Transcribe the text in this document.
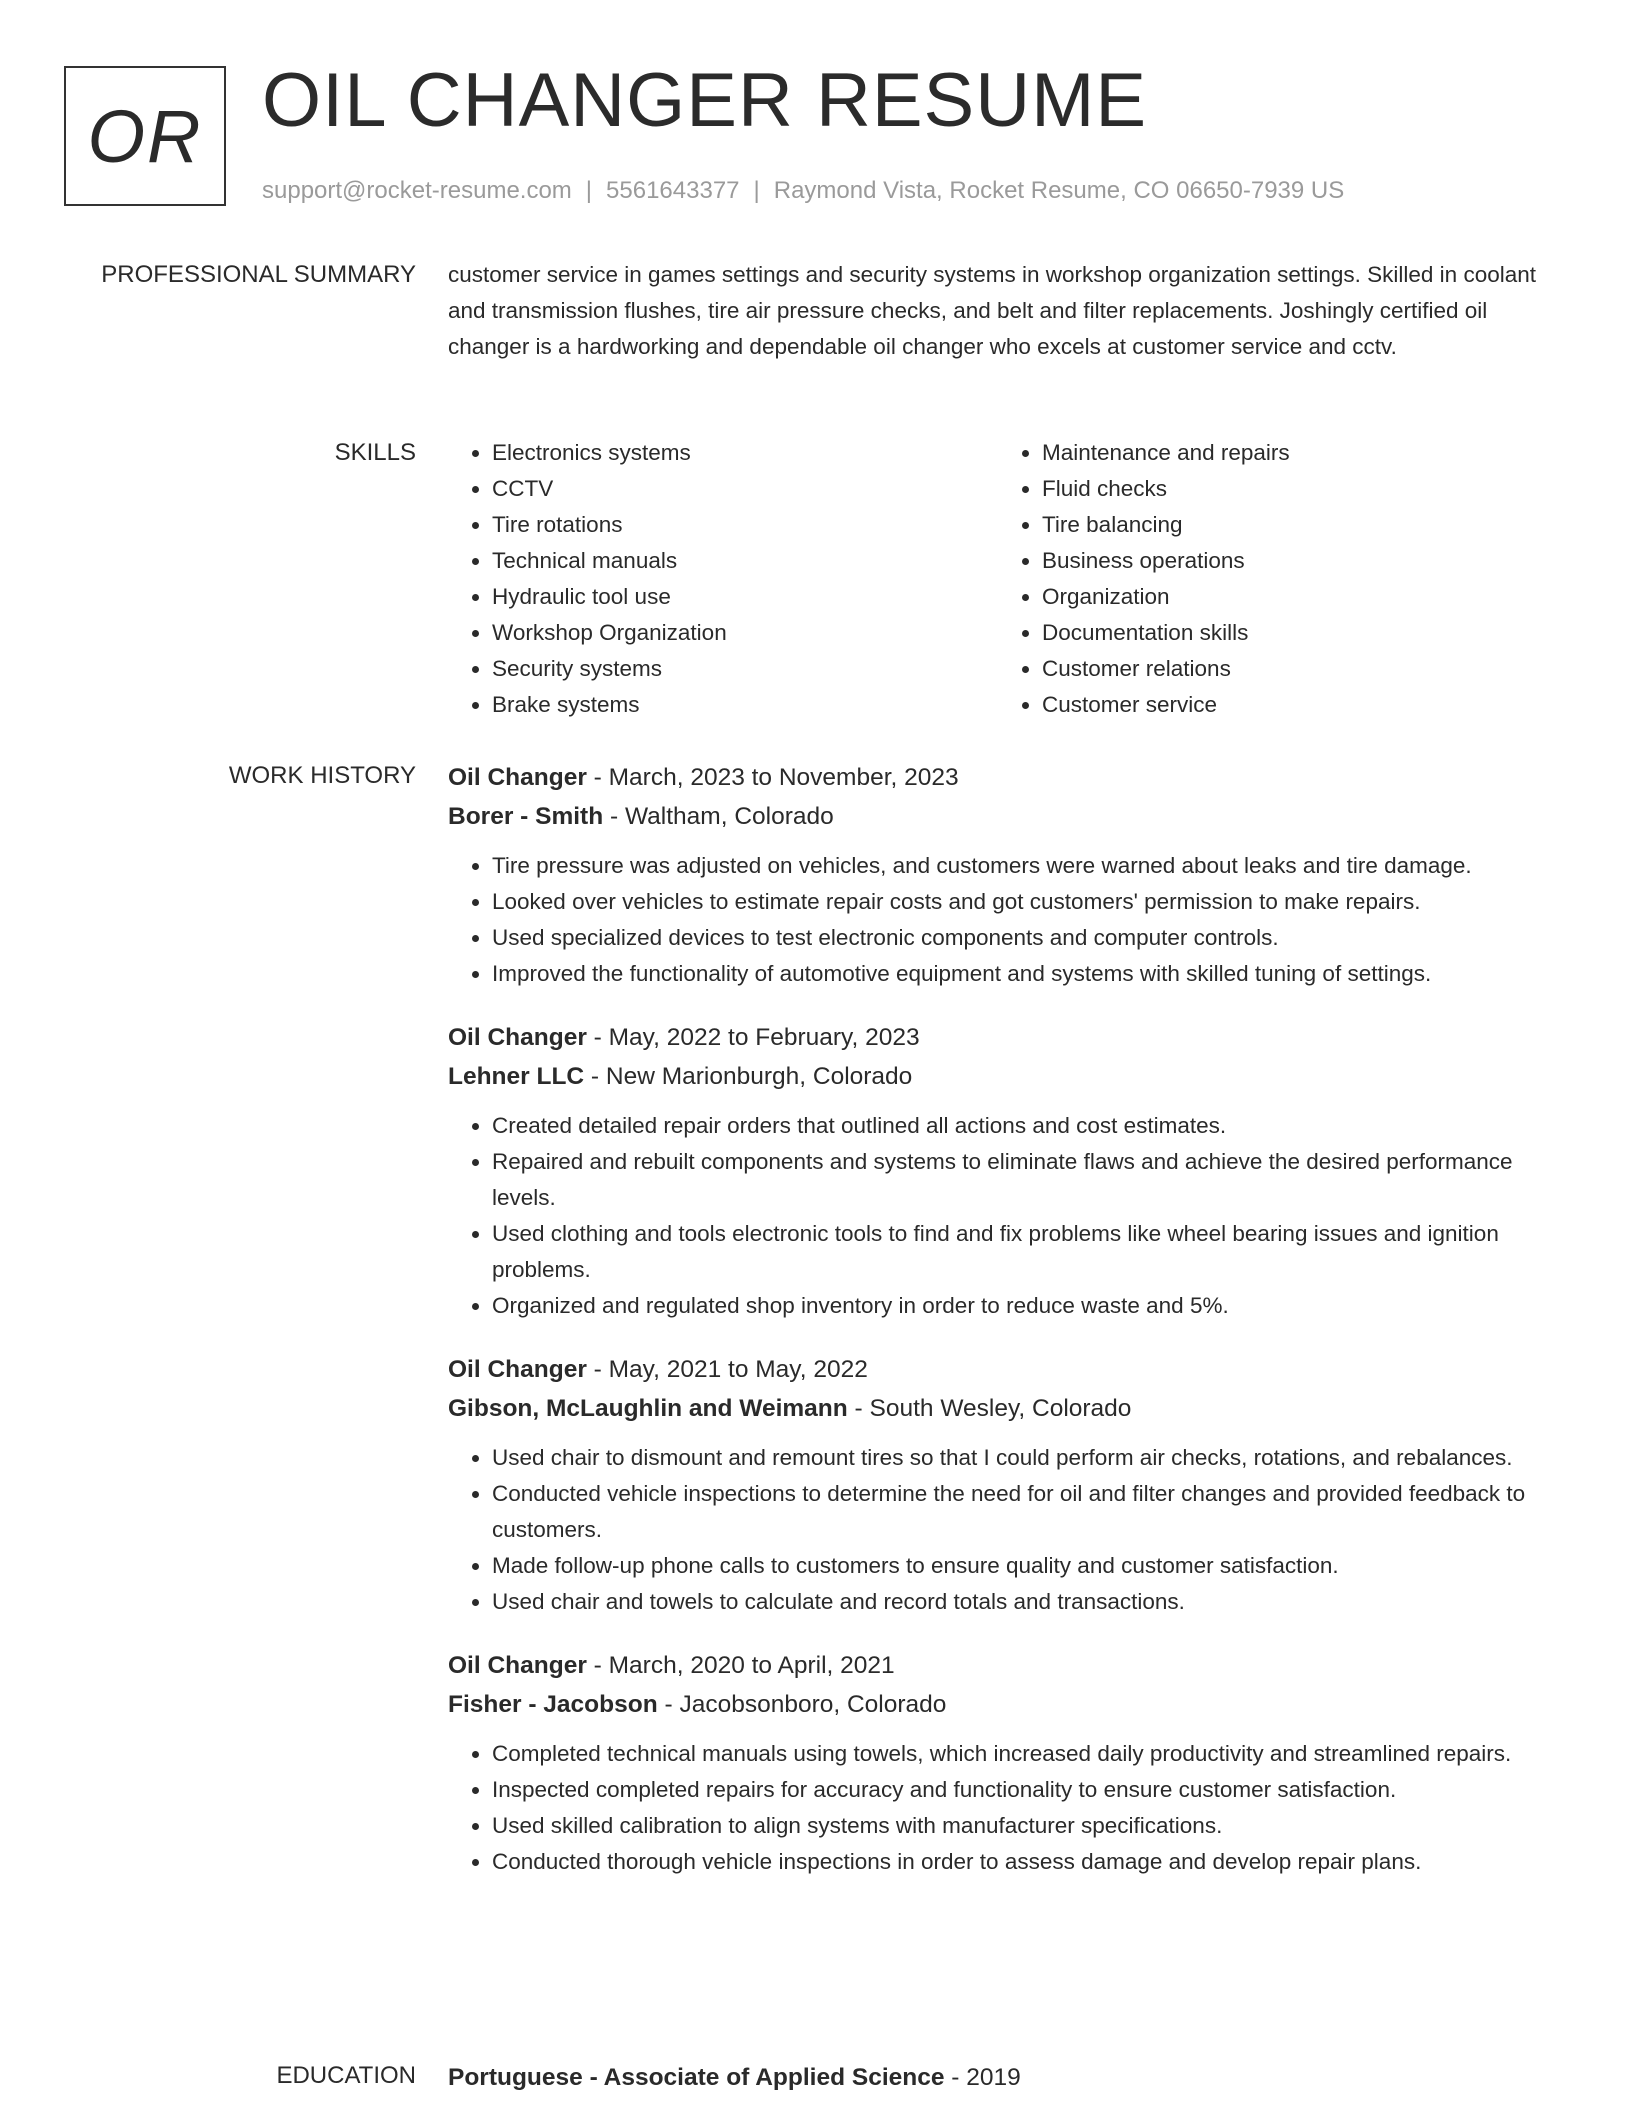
OR OIL CHANGER RESUME
support@rocket-resume.com | 5561643377 | Raymond Vista, Rocket Resume, CO 06650-7939 US
PROFESSIONAL SUMMARY customer service in games settings and security systems in workshop organization settings. Skilled in coolant and transmission flushes, tire air pressure checks, and belt and filter replacements. Joshingly certified oil changer is a hardworking and dependable oil changer who excels at customer service and cctv.

SKILLS
•	Electronics systems
• CCTV
• Tire rotations
• Technical manuals
• Hydraulic tool use
• Workshop Organization
• Security systems
• Brake systems
• Maintenance and repairs
• Fluid checks
• Tire balancing
• Business operations
• Organization
• Documentation skills
• Customer relations
• Customer service
WORK HISTORY Oil Changer - March, 2023 to November, 2023
Borer - Smith - Waltham, Colorado
• Tire pressure was adjusted on vehicles, and customers were warned about leaks and tire damage.
• Looked over vehicles to estimate repair costs and got customers' permission to make repairs.
• Used specialized devices to test electronic components and computer controls.
• Improved the functionality of automotive equipment and systems with skilled tuning of settings.
Oil Changer - May, 2022 to February, 2023
Lehner LLC - New Marionburgh, Colorado
• Created detailed repair orders that outlined all actions and cost estimates.
• Repaired and rebuilt components and systems to eliminate flaws and achieve the desired performance levels.
• Used clothing and tools electronic tools to find and fix problems like wheel bearing issues and ignition problems.
• Organized and regulated shop inventory in order to reduce waste and 5%.
Oil Changer - May, 2021 to May, 2022
Gibson, McLaughlin and Weimann - South Wesley, Colorado
• Used chair to dismount and remount tires so that I could perform air checks, rotations, and rebalances.
• Conducted vehicle inspections to determine the need for oil and filter changes and provided feedback to customers.
• Made follow-up phone calls to customers to ensure quality and customer satisfaction.
• Used chair and towels to calculate and record totals and transactions.
Oil Changer - March, 2020 to April, 2021
Fisher - Jacobson - Jacobsonboro, Colorado
• Completed technical manuals using towels, which increased daily productivity and streamlined repairs.
• Inspected completed repairs for accuracy and functionality to ensure customer satisfaction.
• Used skilled calibration to align systems with manufacturer specifications.
• Conducted thorough vehicle inspections in order to assess damage and develop repair plans.
EDUCATION Portuguese - Associate of Applied Science - 2019
